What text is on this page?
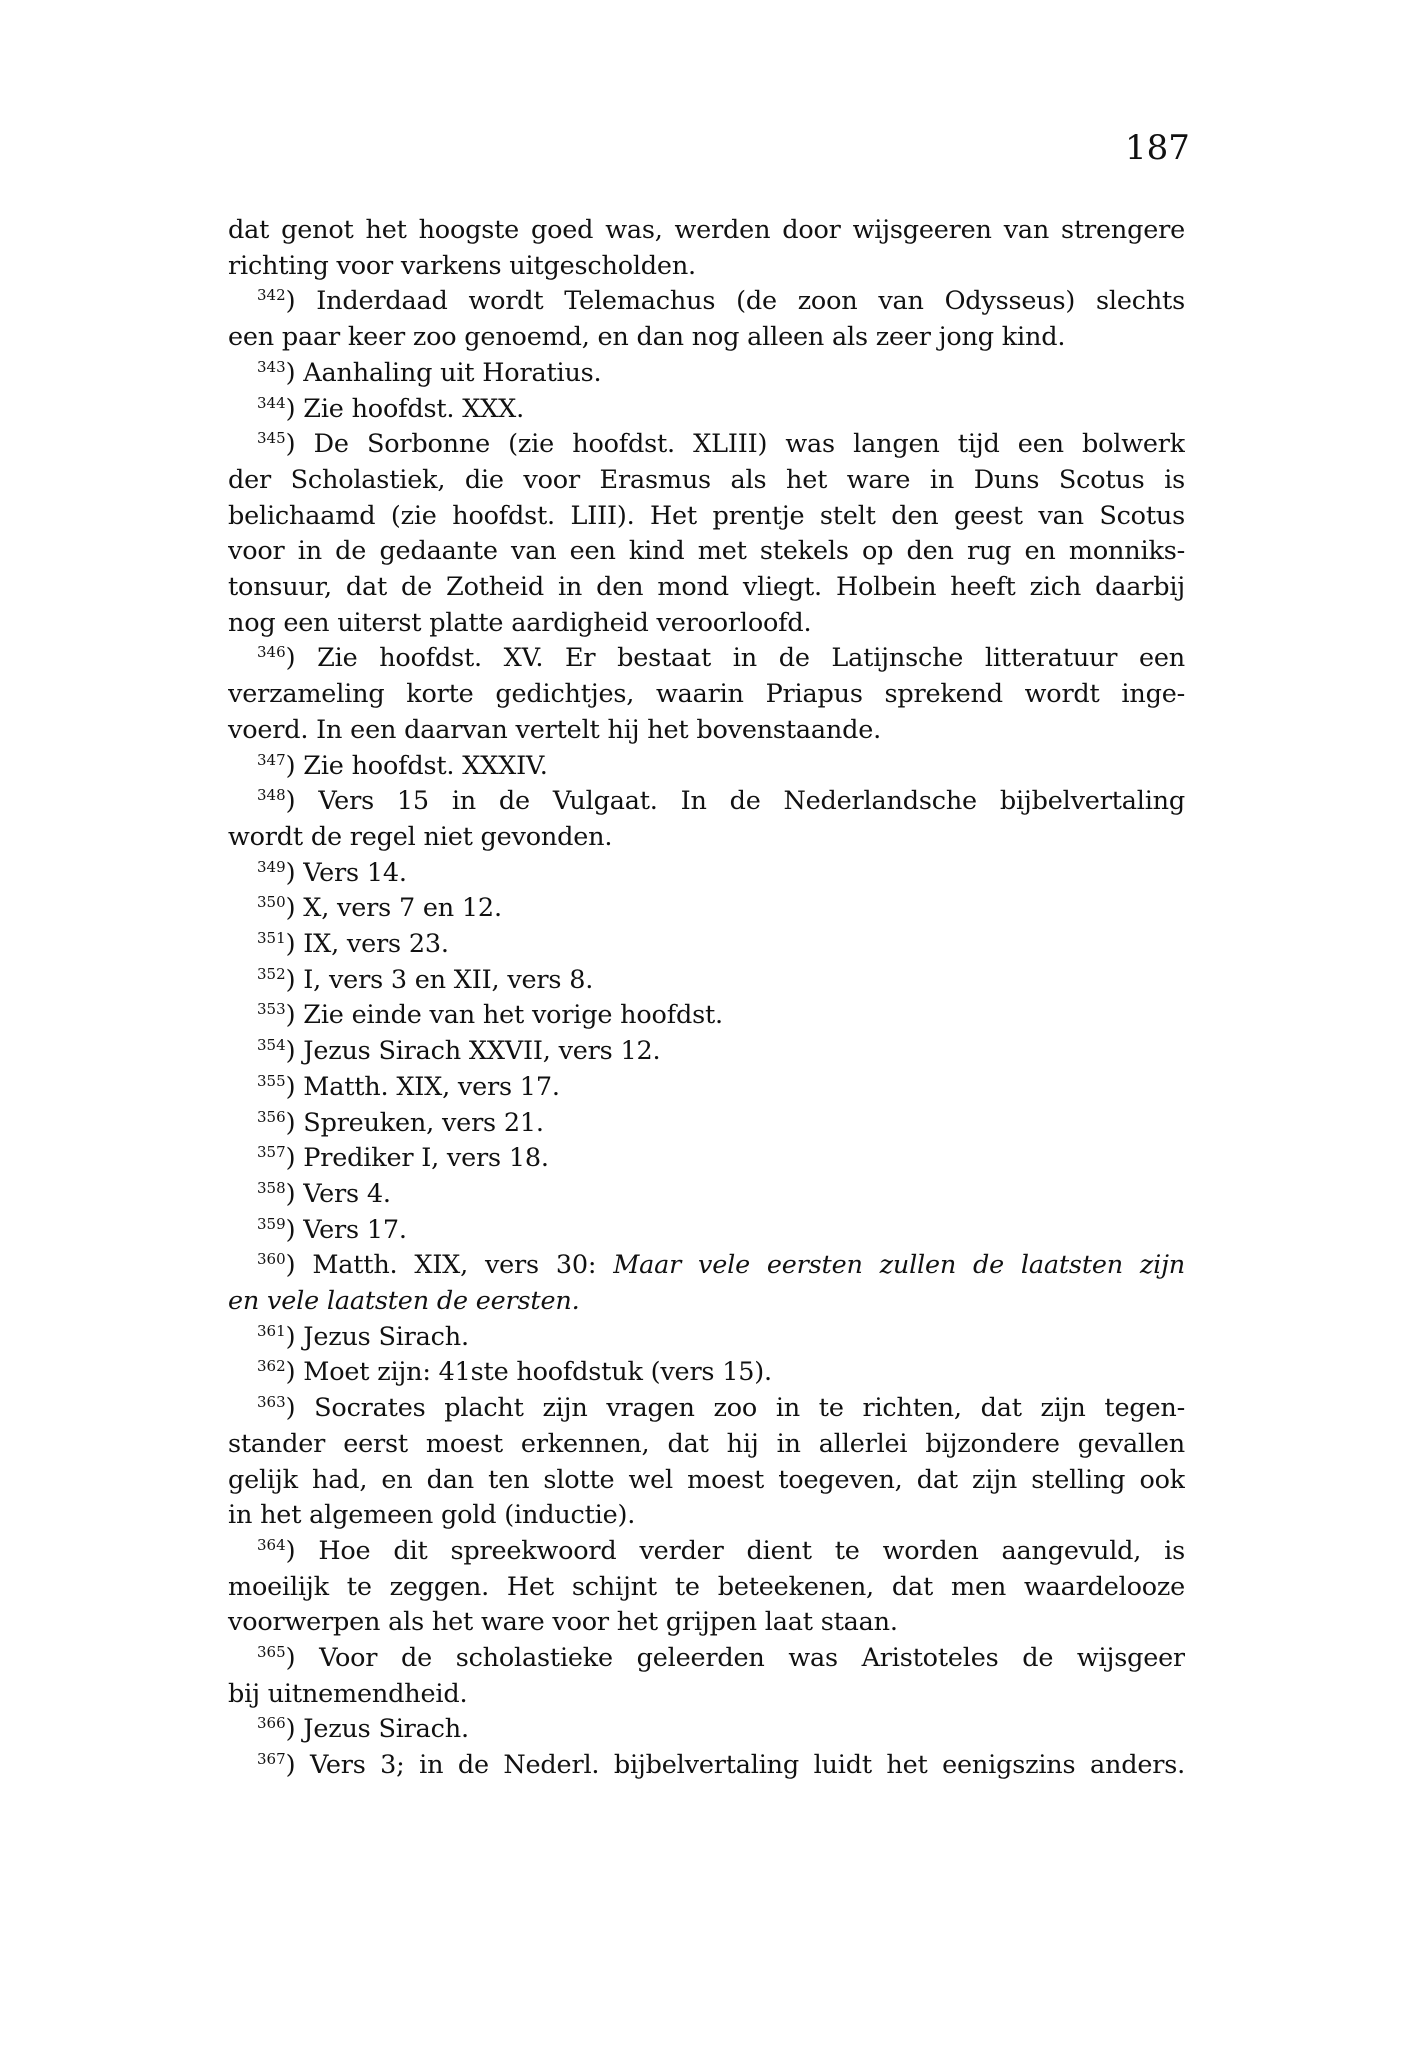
187
dat genot het hoogste goed was, werden door wijsgeeren van strengere
richting voor varkens uitgescholden.
$^{342}$) Inderdaad wordt Telemachus (de zoon van Odysseus) slechts
een paar keer zoo genoemd, en dan nog alleen als zeer jong kind.
$^{343}$) Aanhaling uit Horatius.
$^{344}$) Zie hoofdst. XXX.
$^{345}$) De Sorbonne (zie hoofdst. XLIII) was langen tijd een bolwerk
der Scholastiek, die voor Erasmus als het ware in Duns Scotus is
belichaamd (zie hoofdst. LIII). Het prentje stelt den geest van Scotus
voor in de gedaante van een kind met stekels op den rug en monniks-
tonsuur, dat de Zotheid in den mond vliegt. Holbein heeft zich daarbij
nog een uiterst platte aardigheid veroorloofd.
$^{346}$) Zie hoofdst. XV. Er bestaat in de Latijnsche litteratuur een
verzameling korte gedichtjes, waarin Priapus sprekend wordt inge-
voerd. In een daarvan vertelt hij het bovenstaande.
$^{347}$) Zie hoofdst. XXXIV.
$^{348}$) Vers 15 in de Vulgaat. In de Nederlandsche bijbelvertaling
wordt de regel niet gevonden.
$^{349}$) Vers 14.
$^{350}$) X, vers 7 en 12.
$^{351}$) IX, vers 23.
$^{352}$) I, vers 3 en XII, vers 8.
$^{353}$) Zie einde van het vorige hoofdst.
$^{354}$) Jezus Sirach XXVII, vers 12.
$^{355}$) Matth. XIX, vers 17.
$^{356}$) Spreuken, vers 21.
$^{357}$) Prediker I, vers 18.
$^{358}$) Vers 4.
$^{359}$) Vers 17.
$^{360}$) Matth. XIX, vers 30: Maar vele eersten zullen de laatsten zijn
en vele laatsten de eersten.
$^{361}$) Jezus Sirach.
$^{362}$) Moet zijn: 41ste hoofdstuk (vers 15).
$^{363}$) Socrates placht zijn vragen zoo in te richten, dat zijn tegen-
stander eerst moest erkennen, dat hij in allerlei bijzondere gevallen
gelijk had, en dan ten slotte wel moest toegeven, dat zijn stelling ook
in het algemeen gold (inductie).
$^{364}$) Hoe dit spreekwoord verder dient te worden aangevuld, is
moeilijk te zeggen. Het schijnt te beteekenen, dat men waardelooze
voorwerpen als het ware voor het grijpen laat staan.
$^{365}$) Voor de scholastieke geleerden was Aristoteles de wijsgeer
bij uitnemendheid.
$^{366}$) Jezus Sirach.
$^{367}$) Vers 3; in de Nederl. bijbelvertaling luidt het eenigszins anders.
